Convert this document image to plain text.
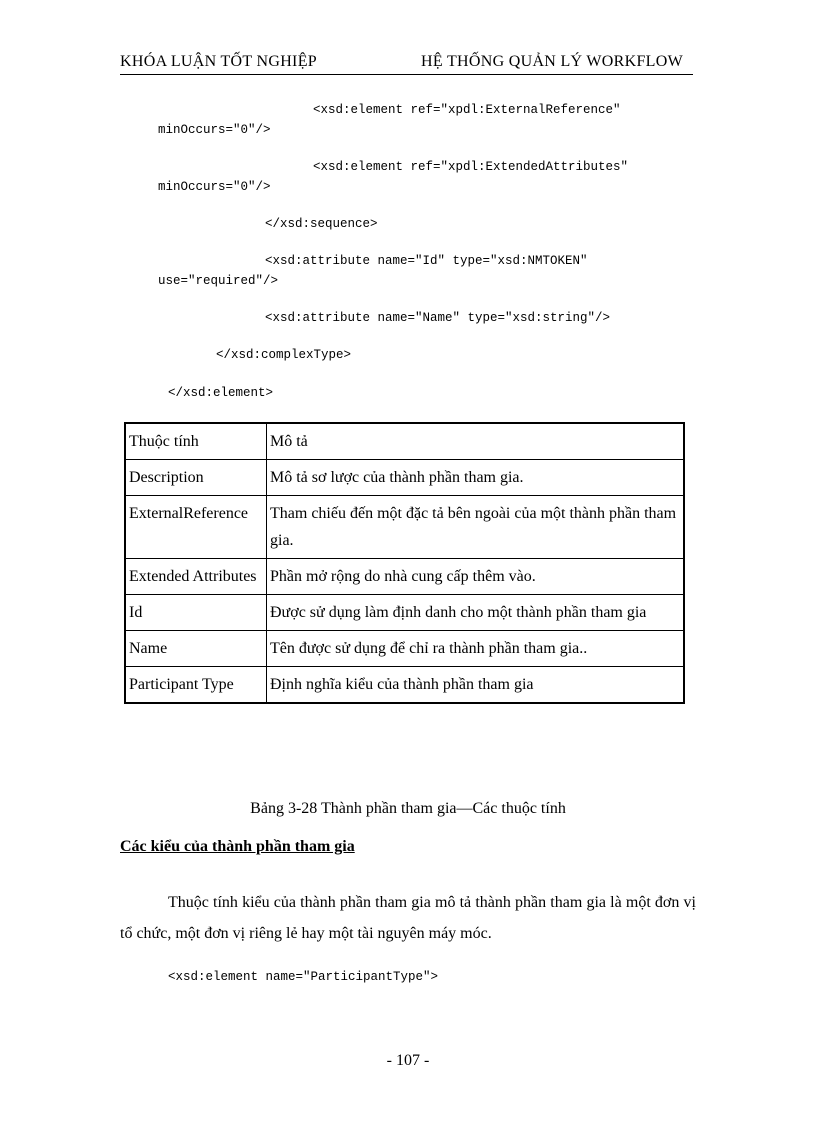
KHÓA LUẬN TỐT NGHIỆP	HỆ THỐNG QUẢN LÝ WORKFLOW
<xsd:element ref="xpdl:ExternalReference"
minOccurs="0"/>
<xsd:element ref="xpdl:ExtendedAttributes"
minOccurs="0"/>
</xsd:sequence>
<xsd:attribute name="Id" type="xsd:NMTOKEN"
use="required"/>
<xsd:attribute name="Name" type="xsd:string"/>
</xsd:complexType>
</xsd:element>
Thuộc tính	Mô tả
Description	Mô tả sơ lược của thành phần tham gia.
ExternalReference	Tham chiếu đến một đặc tả bên ngoài của một thành phần tham gia.
Extended Attributes	Phần mở rộng do nhà cung cấp thêm vào.
Id	Được sử dụng làm định danh cho một thành phần tham gia
Name	Tên được sử dụng để chỉ ra thành phần tham gia..
Participant Type	Định nghĩa kiểu của thành phần tham gia
Bảng 3-28 Thành phần tham gia—Các thuộc tính
Các kiểu của thành phần tham gia
Thuộc tính kiểu của thành phần tham gia mô tả thành phần tham gia là một đơn vị tổ chức, một đơn vị riêng lẻ hay một tài nguyên máy móc.
<xsd:element name="ParticipantType">
- 107 -
